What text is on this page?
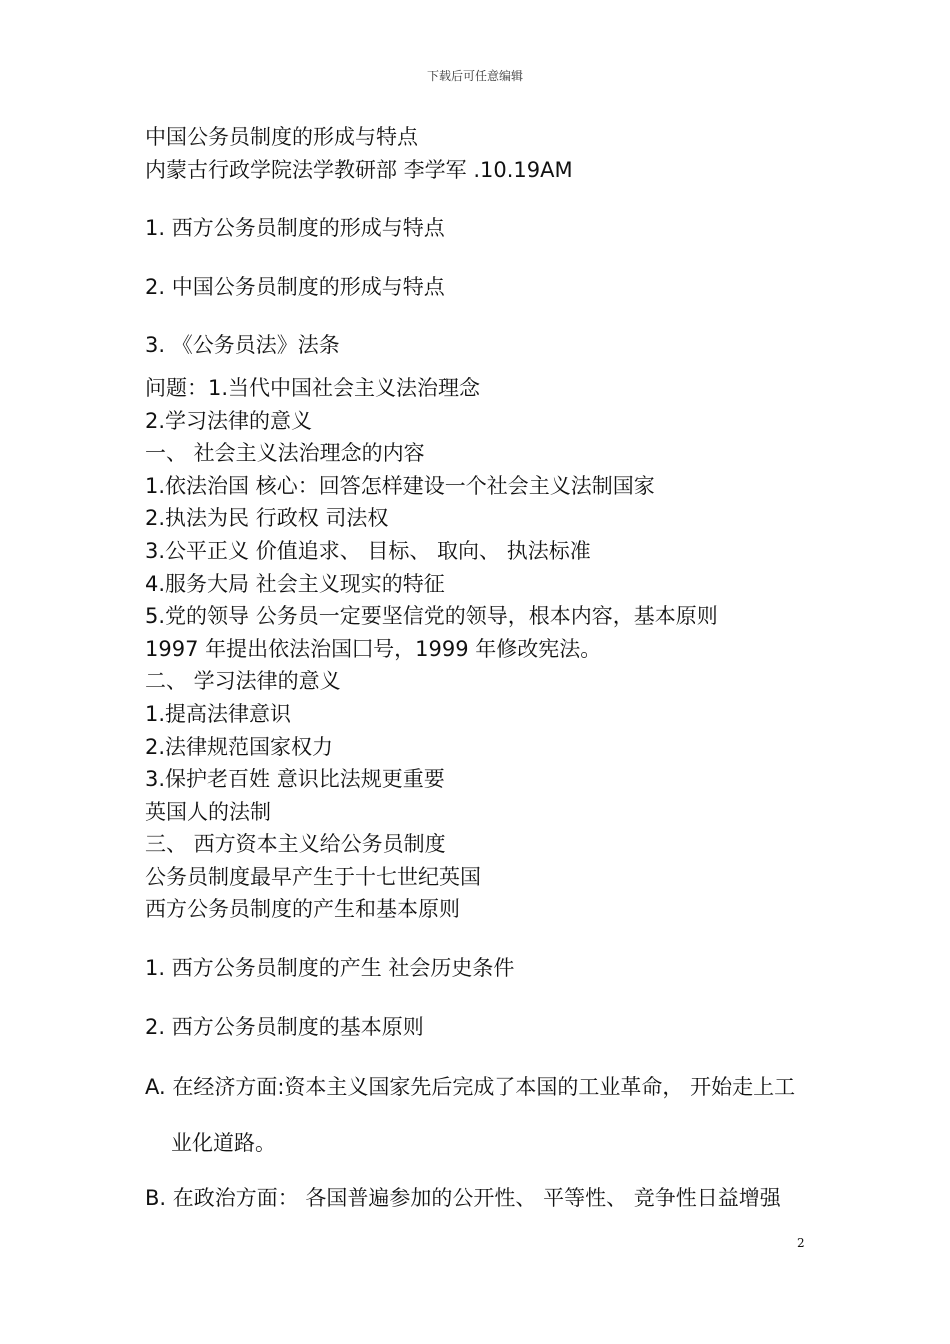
下载后可任意编辑
中国公务员制度的形成与特点
内蒙古行政学院法学教研部 李学军 .10.19AM
1. 西方公务员制度的形成与特点
2. 中国公务员制度的形成与特点
3. 《公务员法》法条
问题：1.当代中国社会主义法治理念
2.学习法律的意义
一、 社会主义法治理念的内容
1.依法治国 核心：回答怎样建设一个社会主义法制国家
2.执法为民 行政权 司法权
3.公平正义 价值追求、 目标、 取向、 执法标准
4.服务大局 社会主义现实的特征
5.党的领导 公务员一定要坚信党的领导，根本内容，基本原则
1997 年提出依法治国囗号，1999 年修改宪法。
二、 学习法律的意义
1.提高法律意识
2.法律规范国家权力
3.保护老百姓 意识比法规更重要
英国人的法制
三、 西方资本主义给公务员制度
公务员制度最早产生于十七世纪英国
西方公务员制度的产生和基本原则
1. 西方公务员制度的产生 社会历史条件
2. 西方公务员制度的基本原则
A. 在经济方面:资本主义国家先后完成了本国的工业革命， 开始走上工业化道路。
B. 在政治方面： 各国普遍参加的公开性、 平等性、 竞争性日益增强
2
